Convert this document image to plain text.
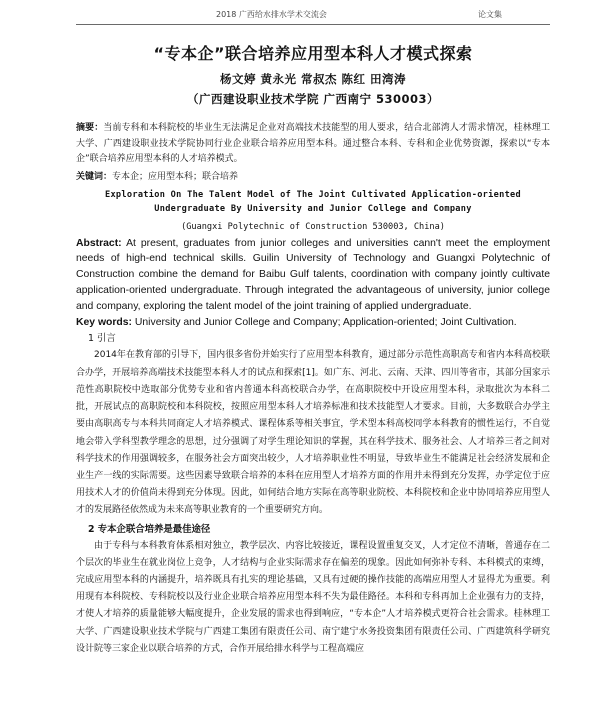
2018 广西给水排水学术交流会	论文集
“专本企”联合培养应用型本科人才模式探索
杨文婷 黄永光 常叔杰 陈红 田湾涛
（广西建设职业技术学院 广西南宁 530003）
摘要：当前专科和本科院校的毕业生无法满足企业对高端技术技能型的用人要求，结合北部湾人才需求情况，桂林理工大学、广西建设职业技术学院协同行业企业联合培养应用型本科。通过整合本科、专科和企业优势资源，探索以“专本企”联合培养应用型本科的人才培养模式。
关键词：专本企；应用型本科；联合培养
Exploration On The Talent Model of The Joint Cultivated Application-oriented Undergraduate By University and Junior College and Company
(Guangxi Polytechnic of Construction 530003, China)
Abstract: At present, graduates from junior colleges and universities cann't meet the employment needs of high-end technical skills. Guilin University of Technology and Guangxi Polytechnic of Construction combine the demand for Baibu Gulf talents, coordination with company jointly cultivate application-oriented undergraduate. Through integrated the advantageous of university, junior college and company, exploring the talent model of the joint training of applied undergraduate.
Key words: University and Junior College and Company; Application-oriented; Joint Cultivation.
1 引言
2014年在教育部的引导下，国内很多省份并始实行了应用型本科教育，通过部分示范性高职高专和省内本科高校联合办学，开展培养高端技术技能型本科人才的试点和探索[1]。如广东、河北、云南、天津、四川等省市，其部分国家示范性高职院校中选取部分优势专业和省内普通本科高校联合办学，在高职院校中开设应用型本科，录取批次为本科二批，开展试点的高职院校和本科院校，按照应用型本科人才培养标准和技术技能型人才要求。目前，大多数联合办学主要由高职高专与本科共同商定人才培养模式、课程体系等相关事宜，学术型本科高校同学本科教育的惯性运行，不自觉地会带入学科型教学理念的思想，过分强调了对学生理论知识的掌握，其在科学技术、服务社会、人才培养三者之间对科学技术的作用强调较多，在服务社会方面突出较少，人才培养职业性不明显，导致毕业生不能满足社会经济发展和企业生产一线的实际需要。这些因素导致联合培养的本科在应用型人才培养方面的作用并未得到充分发挥，办学定位于应用技术人才的价值尚未得到充分体现。因此，如何结合地方实际在高等职业院校、本科院校和企业中协同培养应用型人才的发展路径依然成为未来高等职业教育的一个重要研究方向。
2 专本企联合培养是最佳途径
由于专科与本科教育体系相对独立，教学层次、内容比较接近，课程设置重复交叉，人才定位不清晰，普通存在二个层次的毕业生在就业岗位上竞争，人才结构与企业实际需求存在偏差的现象。因此如何弥补专科、本科模式的束缚，完成应用型本科的内涵提升，培养既具有扎实的理论基础，又具有过硬的操作技能的高端应用型人才显得尤为重要。利用现有本科院校、专科院校以及行业企业联合培养应用型本科不失为最佳路径。本科和专科再加上企业强有力的支持，才使人才培养的质量能够大幅度提升，企业发展的需求也得到响应，“专本企”人才培养模式更符合社会需求。桂林理工大学、广西建设职业技术学院与广西建工集团有限责任公司、南宁建宁水务投资集团有限责任公司、广西建筑科学研究设计院等三家企业以联合培养的方式，合作开展给排水科学与工程高端应
